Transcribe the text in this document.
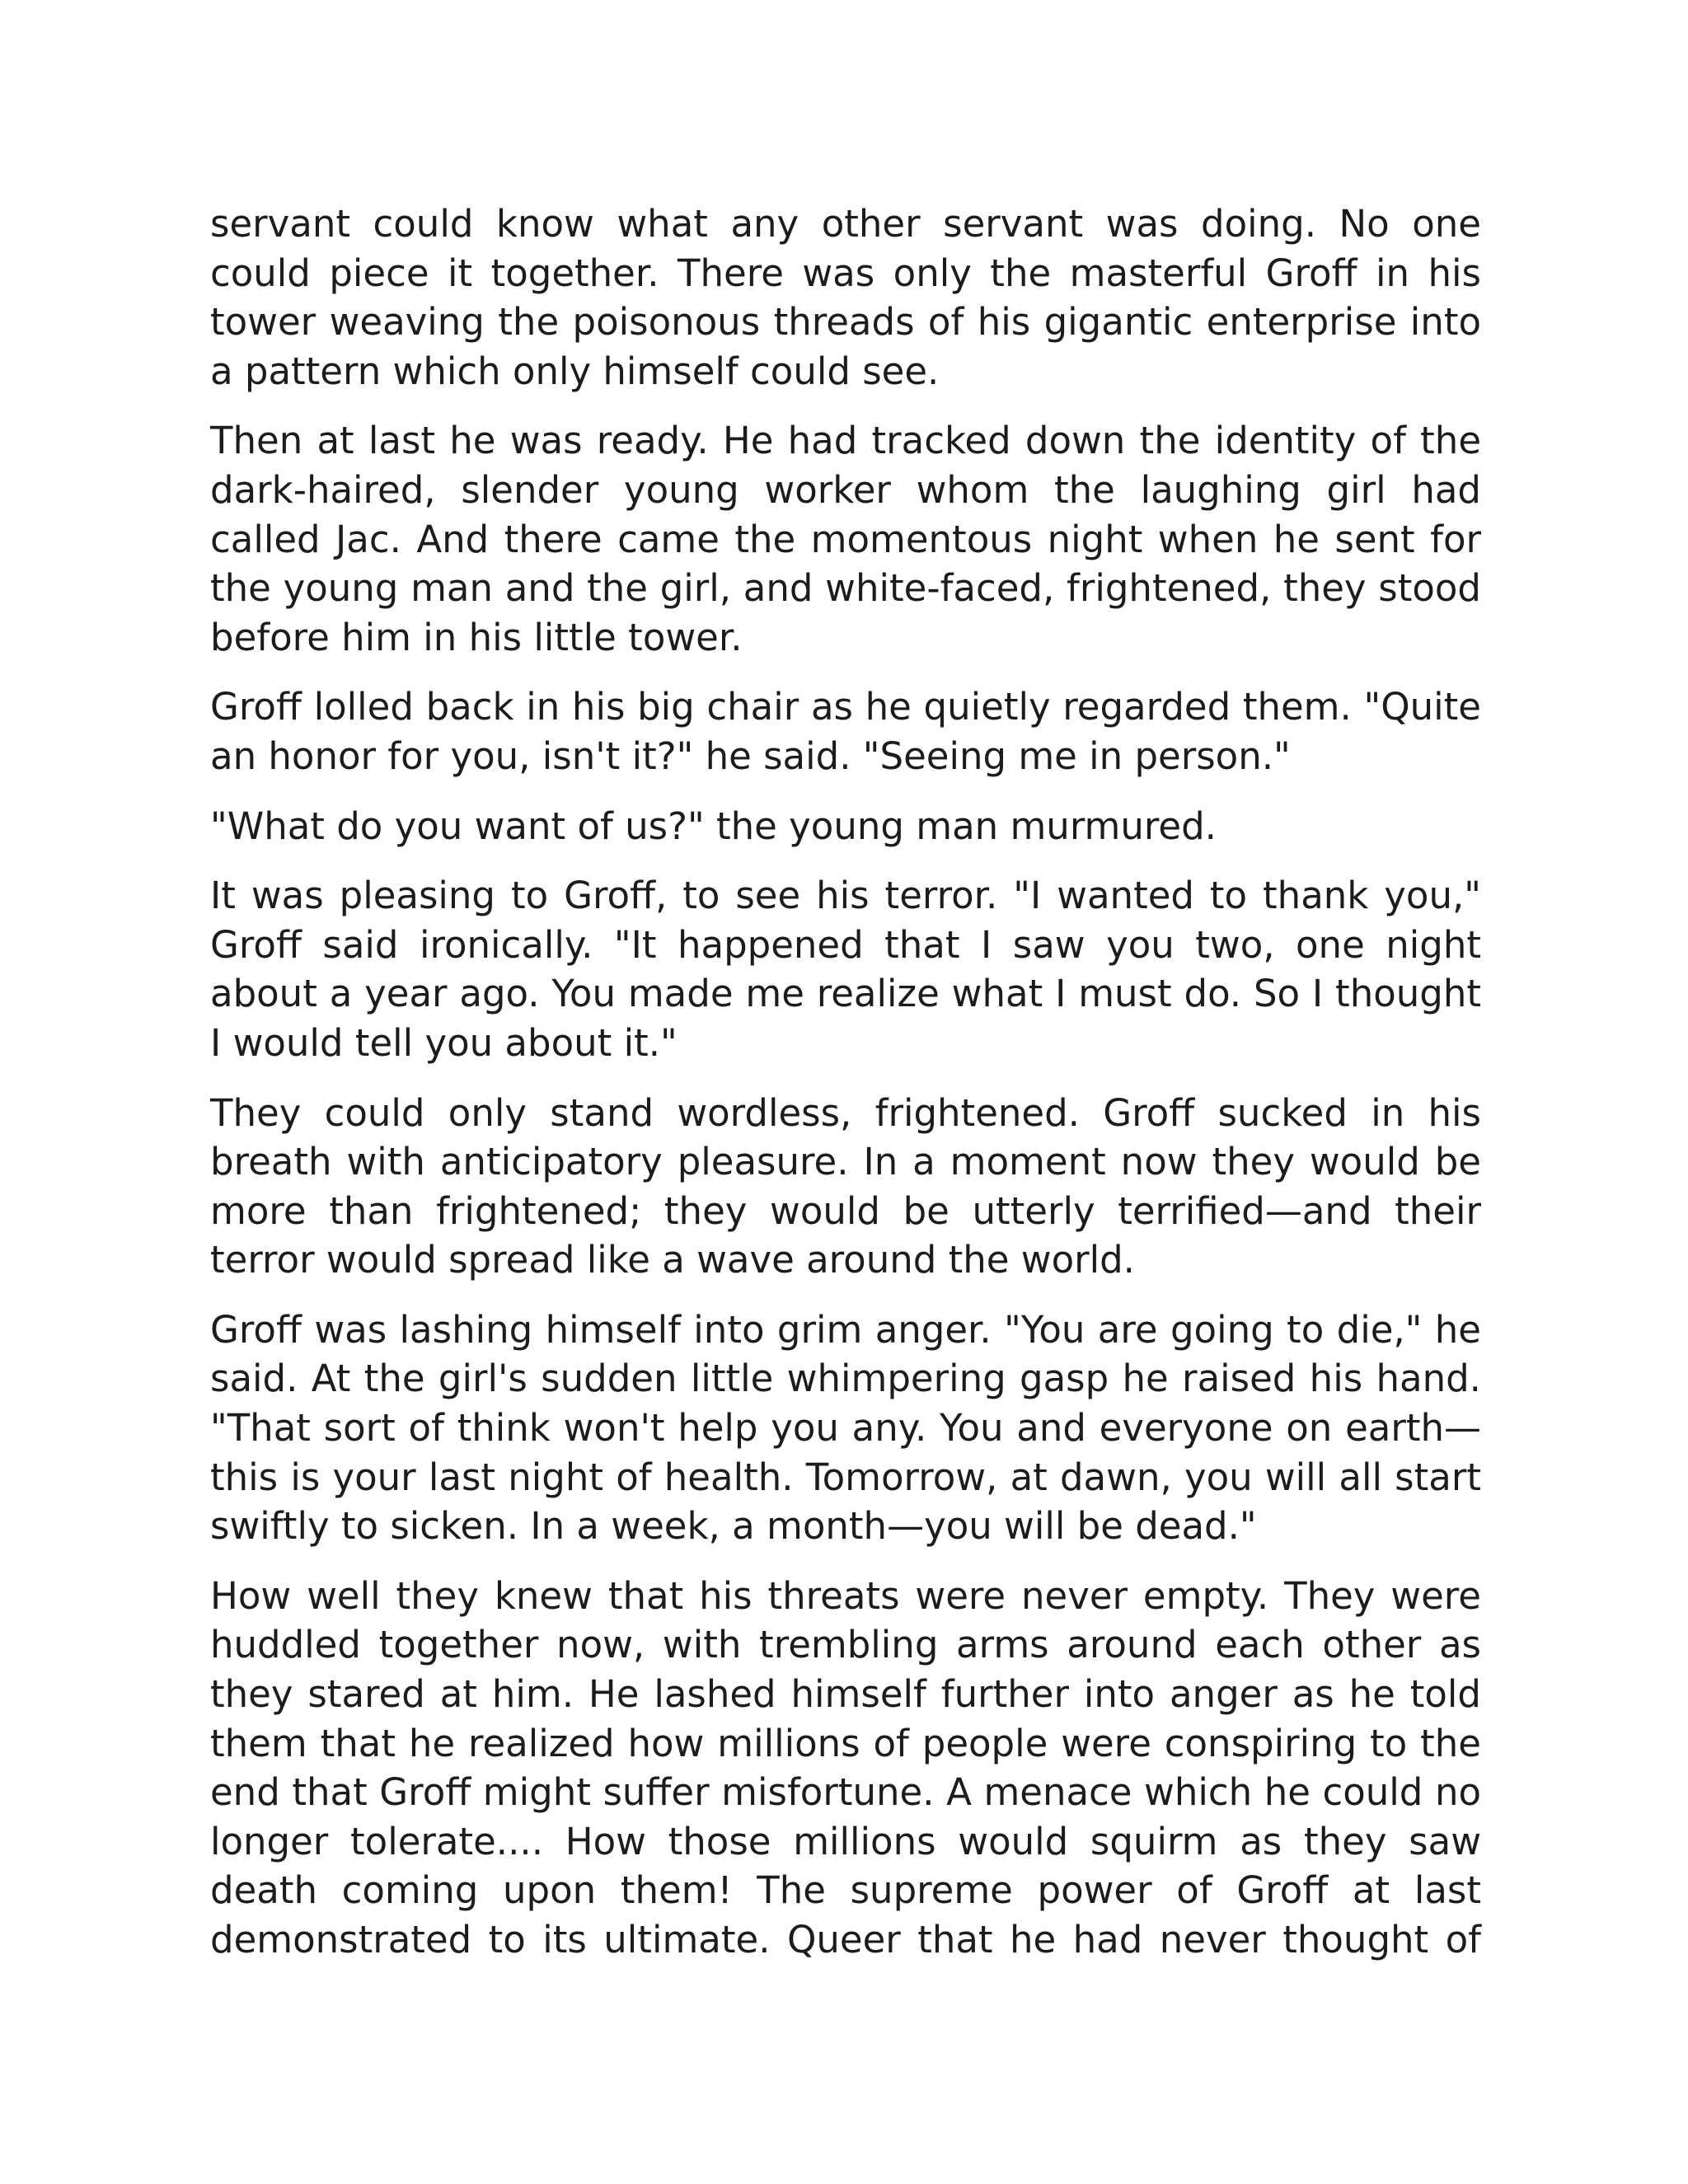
servant could know what any other servant was doing. No one could piece it together. There was only the masterful Groff in his tower weaving the poisonous threads of his gigantic enterprise into a pattern which only himself could see.

Then at last he was ready. He had tracked down the identity of the dark-haired, slender young worker whom the laughing girl had called Jac. And there came the momentous night when he sent for the young man and the girl, and white-faced, frightened, they stood before him in his little tower.

Groff lolled back in his big chair as he quietly regarded them. "Quite an honor for you, isn't it?" he said. "Seeing me in person."

"What do you want of us?" the young man murmured.

It was pleasing to Groff, to see his terror. "I wanted to thank you," Groff said ironically. "It happened that I saw you two, one night about a year ago. You made me realize what I must do. So I thought I would tell you about it."

They could only stand wordless, frightened. Groff sucked in his breath with anticipatory pleasure. In a moment now they would be more than frightened; they would be utterly terrified—and their terror would spread like a wave around the world.

Groff was lashing himself into grim anger. "You are going to die," he said. At the girl's sudden little whimpering gasp he raised his hand. "That sort of think won't help you any. You and everyone on earth—this is your last night of health. Tomorrow, at dawn, you will all start swiftly to sicken. In a week, a month—you will be dead."

How well they knew that his threats were never empty. They were huddled together now, with trembling arms around each other as they stared at him. He lashed himself further into anger as he told them that he realized how millions of people were conspiring to the end that Groff might suffer misfortune. A menace which he could no longer tolerate.... How those millions would squirm as they saw death coming upon them! The supreme power of Groff at last demonstrated to its ultimate. Queer that he had never thought of
